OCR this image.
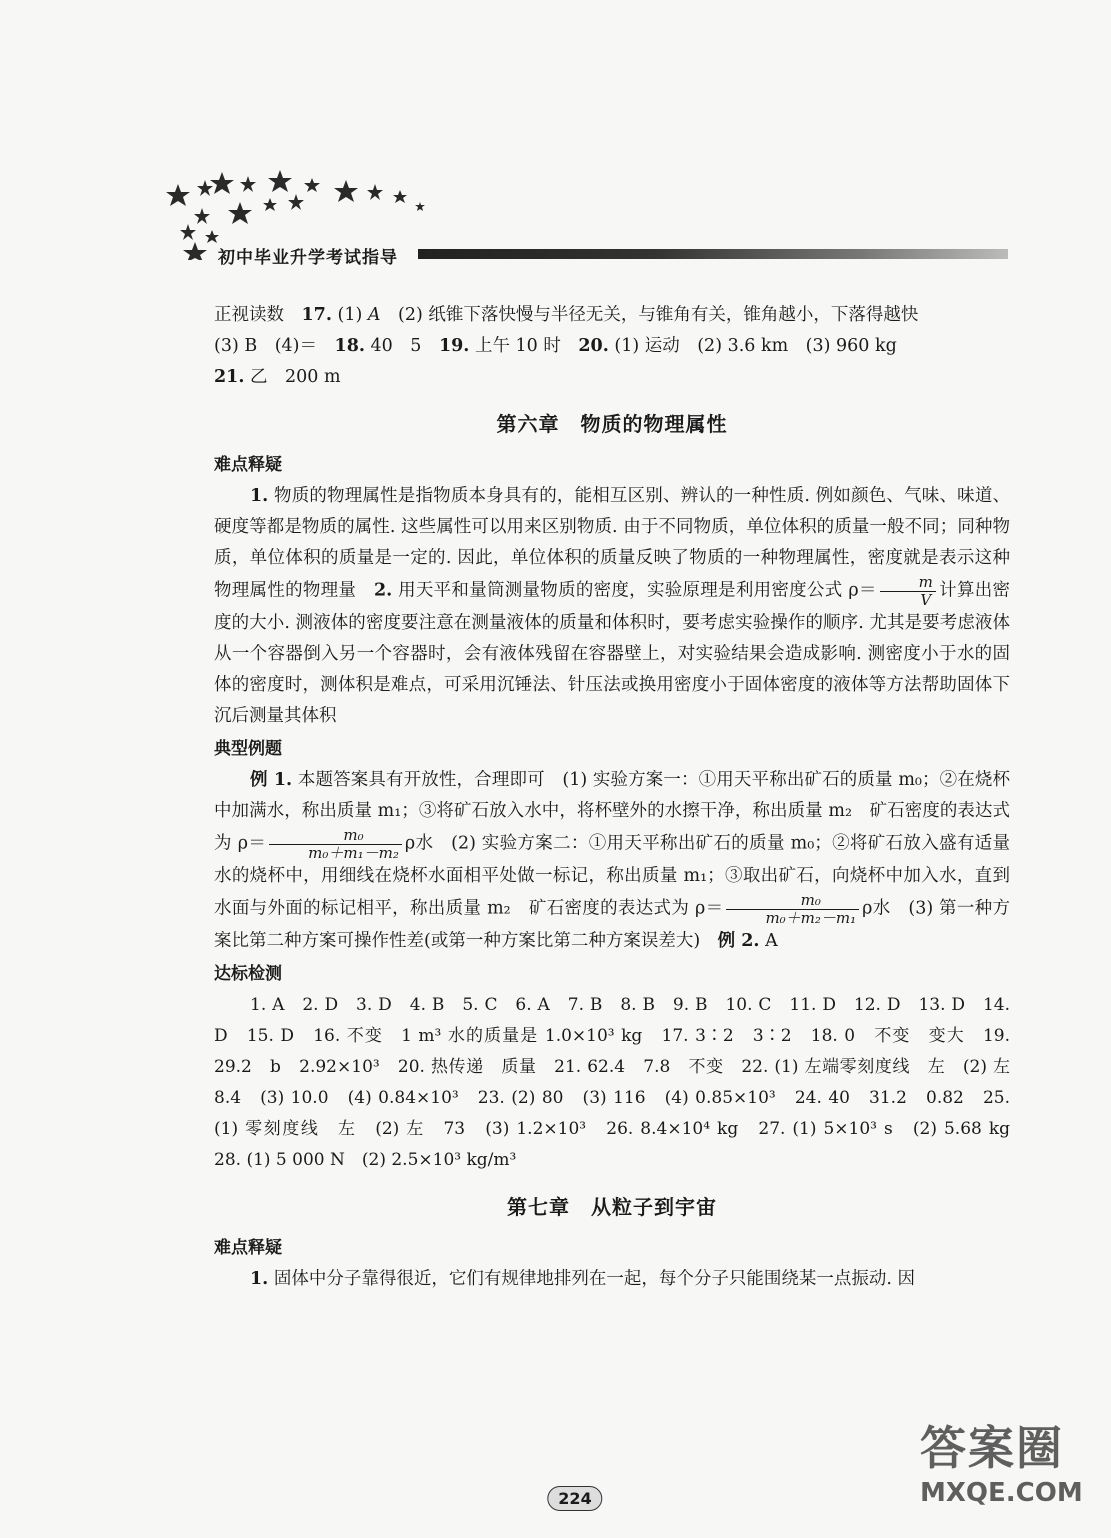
初中毕业升学考试指导

正视读数　17. (1) A　(2) 纸锥下落快慢与半径无关，与锥角有关，锥角越小，下落得越快
(3) B　(4)＝　18. 40　5　19. 上午 10 时　20. (1) 运动　(2) 3.6 km　(3) 960 kg
21. 乙　200 m

第六章　物质的物理属性
难点释疑

1. 物质的物理属性是指物质本身具有的，能相互区别、辨认的一种性质. 例如颜色、气味、味道、硬度等都是物质的属性. 这些属性可以用来区别物质. 由于不同物质，单位体积的质量一般不同；同种物质，单位体积的质量是一定的. 因此，单位体积的质量反映了物质的一种物理属性，密度就是表示这种物理属性的物理量　2. 用天平和量筒测量物质的密度，实验原理是利用密度公式 $\rho= \frac{m}{V}$ 计算出密度的大小. 测液体的密度要注意在测量液体的质量和体积时，要考虑实验操作的顺序. 尤其是要考虑液体从一个容器倒入另一个容器时，会有液体残留在容器壁上，对实验结果会造成影响. 测密度小于水的固体的密度时，测体积是难点，可采用沉锤法、针压法或换用密度小于固体密度的液体等方法帮助固体下沉后测量其体积

典型例题

例 1. 本题答案具有开放性，合理即可　(1) 实验方案一：①用天平称出矿石的质量 m₀；②在烧杯中加满水，称出质量 m₁；③将矿石放入水中，将杯壁外的水擦干净，称出质量 m₂　矿石密度的表达式为 $\rho= \frac{\text{m₀}}{\text{m₀＋m₁－m₂}}$ ρ水　(2) 实验方案二：①用天平称出矿石的质量 m₀；②将矿石放入盛有适量水的烧杯中，用细线在烧杯水面相平处做一标记，称出质量 m₁；③取出矿石，向烧杯中加入水，直到水面与外面的标记相平，称出质量 m₂　矿石密度的表达式为 $\rho= \frac{\text{m₀}}{\text{m₀＋m₂－m₁}}$ ρ水　(3) 第一种方案比第二种方案可操作性差(或第一种方案比第二种方案误差大)　例 2. A

达标检测

1. A　2. D　3. D　4. B　5. C　6. A　7. B　8. B　9. B　10. C　11. D　12. D　13. D　14. D　15. D　16. 不变　1 m³ 水的质量是 1.0×10³ kg　17. 3∶2　3∶2　18. 0　不变　变大　19. 29.2　b　2.92×10³　20. 热传递　质量　21. 62.4　7.8　不变　22. (1) 左端零刻度线　左　(2) 左　8.4　(3) 10.0　(4) 0.84×10³　23. (2) 80　(3) 116　(4) 0.85×10³　24. 40　31.2　0.82　25. (1) 零刻度线　左　(2) 左　73　(3) 1.2×10³　26. 8.4×10⁴ kg　27. (1) 5×10³ s　(2) 5.68 kg　28. (1) 5 000 N　(2) 2.5×10³ kg/m³

第七章　从粒子到宇宙
难点释疑

1. 固体中分子靠得很近，它们有规律地排列在一起，每个分子只能围绕某一点振动. 因

224
答案圈
MXQE.COM
